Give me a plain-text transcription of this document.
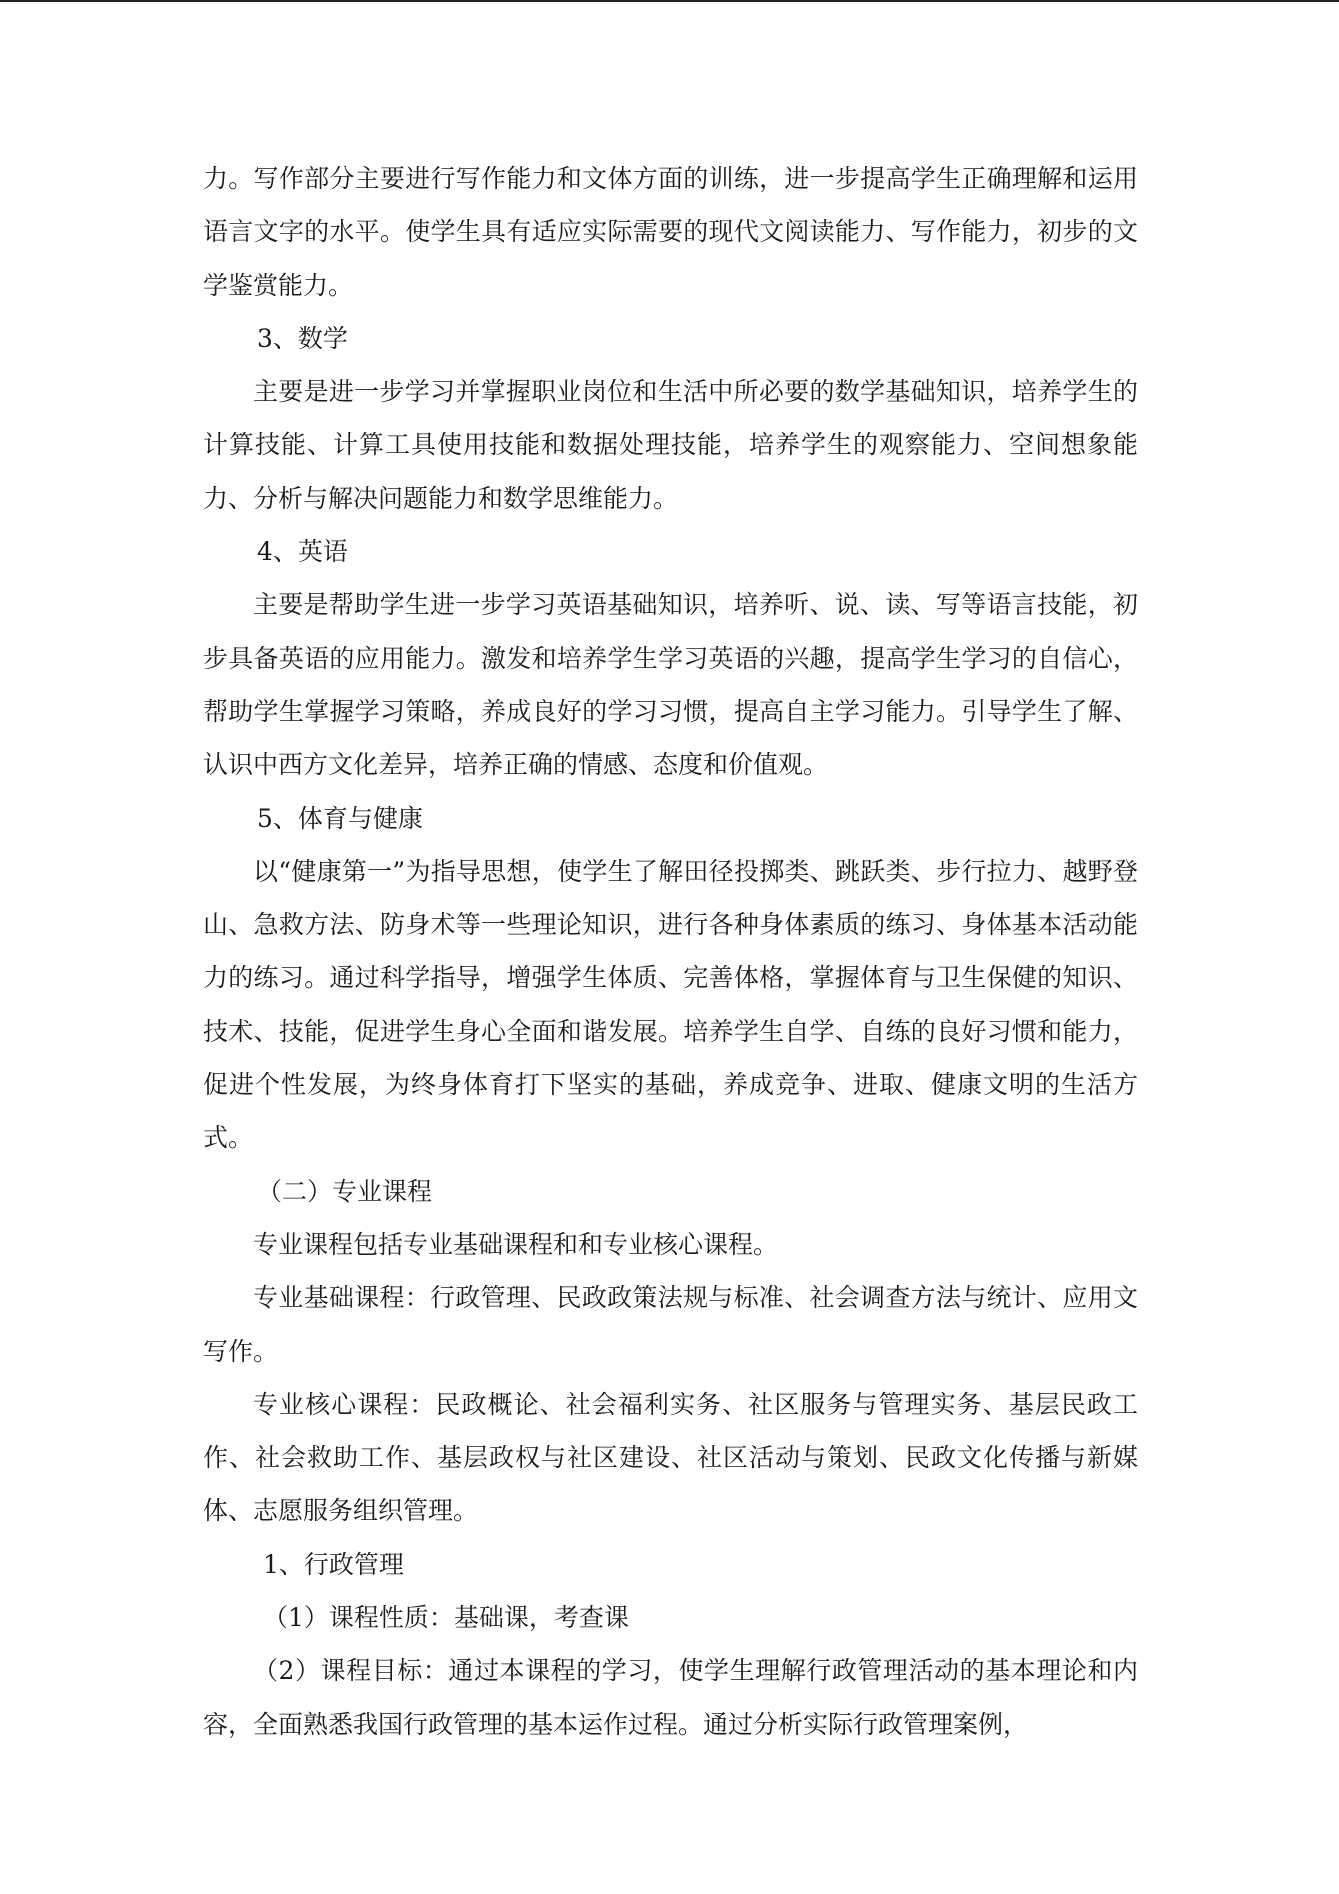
力。写作部分主要进行写作能力和文体方面的训练，进一步提高学生正确理解和运用语言文字的水平。使学生具有适应实际需要的现代文阅读能力、写作能力，初步的文学鉴赏能力。

3、数学

主要是进一步学习并掌握职业岗位和生活中所必要的数学基础知识，培养学生的计算技能、计算工具使用技能和数据处理技能，培养学生的观察能力、空间想象能力、分析与解决问题能力和数学思维能力。

4、英语

主要是帮助学生进一步学习英语基础知识，培养听、说、读、写等语言技能，初步具备英语的应用能力。激发和培养学生学习英语的兴趣，提高学生学习的自信心，帮助学生掌握学习策略，养成良好的学习习惯，提高自主学习能力。引导学生了解、认识中西方文化差异，培养正确的情感、态度和价值观。

5、体育与健康

以“健康第一”为指导思想，使学生了解田径投掷类、跳跃类、步行拉力、越野登山、急救方法、防身术等一些理论知识，进行各种身体素质的练习、身体基本活动能力的练习。通过科学指导，增强学生体质、完善体格，掌握体育与卫生保健的知识、技术、技能，促进学生身心全面和谐发展。培养学生自学、自练的良好习惯和能力，促进个性发展，为终身体育打下坚实的基础，养成竞争、进取、健康文明的生活方式。

（二）专业课程

专业课程包括专业基础课程和和专业核心课程。

专业基础课程：行政管理、民政政策法规与标准、社会调查方法与统计、应用文写作。

专业核心课程：民政概论、社会福利实务、社区服务与管理实务、基层民政工作、社会救助工作、基层政权与社区建设、社区活动与策划、民政文化传播与新媒体、志愿服务组织管理。

1、行政管理

（1）课程性质：基础课，考查课

（2）课程目标：通过本课程的学习，使学生理解行政管理活动的基本理论和内容，全面熟悉我国行政管理的基本运作过程。通过分析实际行政管理案例，
